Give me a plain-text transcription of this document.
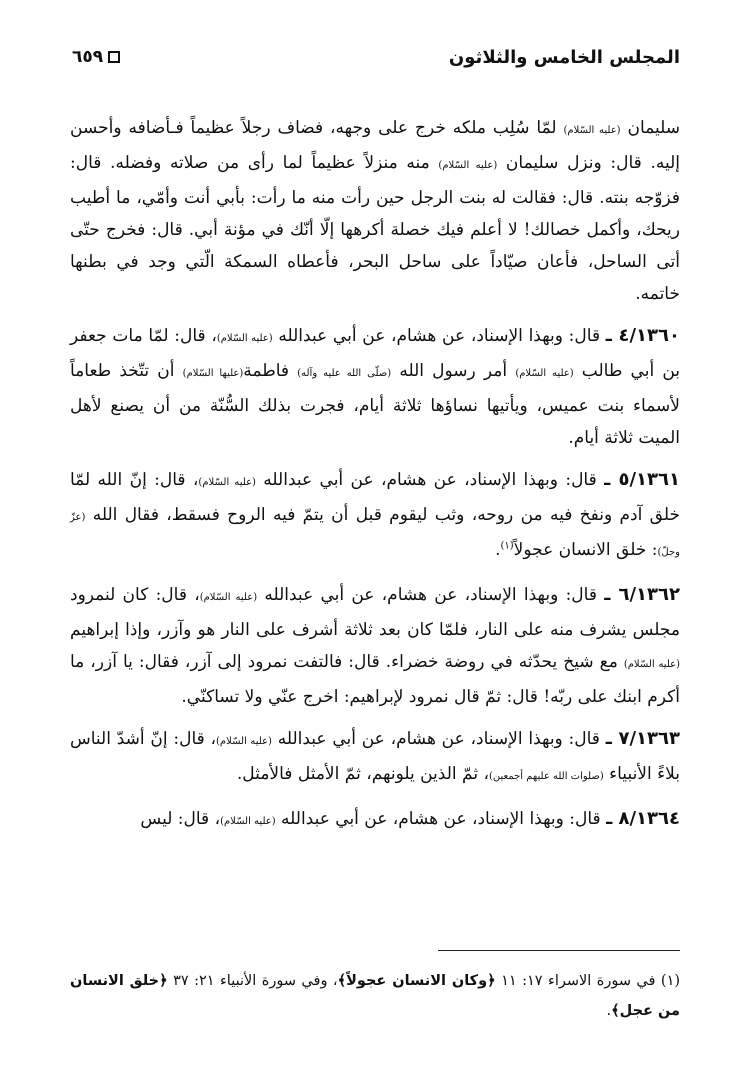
المجلس الخامس والثلاثون
٦٥٩

سليمان (عليه السّلام) لمّا سُلِب ملكه خرج على وجهه، فضاف رجلاً عظيماً فـأضافه وأحسن إليه. قال: ونزل سليمان (عليه السّلام) منه منزلاً عظيماً لما رأى من صلاته وفضله. قال: فزوّجه بنته. قال: فقالت له بنت الرجل حين رأت منه ما رأت: بأبي أنت وأمّي، ما أطيب ريحك، وأكمل خصالك! لا أعلم فيك خصلة أكرهها إلّا أنّك في مؤنة أبي. قال: فخرج حتّى أتى الساحل، فأعان صيّاداً على ساحل البحر، فأعطاه السمكة الّتي وجد في بطنها خاتمه.

٤/١٣٦٠ ـ قال: وبهذا الإسناد، عن هشام، عن أبي عبدالله (عليه السّلام)، قال: لمّا مات جعفر بن أبي طالب (عليه السّلام) أمر رسول الله (صلّى الله عليه وآله) فاطمة(عليها السّلام) أن تتّخذ طعاماً لأسماء بنت عميس، ويأتيها نساؤها ثلاثة أيام، فجرت بذلك السُّنّة من أن يصنع لأهل الميت ثلاثة أيام.

٥/١٣٦١ ـ قال: وبهذا الإسناد، عن هشام، عن أبي عبدالله (عليه السّلام)، قال: إنّ الله لمّا خلق آدم ونفخ فيه من روحه، وثب ليقوم قبل أن يتمّ فيه الروح فسقط، فقال الله (عزّ وجلّ): خلق الانسان عجولاً$^{(١)}$.

٦/١٣٦٢ ـ قال: وبهذا الإسناد، عن هشام، عن أبي عبدالله (عليه السّلام)، قال: كان لنمرود مجلس يشرف منه على النار، فلمّا كان بعد ثلاثة أشرف على النار هو وآزر، وإذا إبراهيم (عليه السّلام) مع شيخ يحدّثه في روضة خضراء. قال: فالتفت نمرود إلى آزر، فقال: يا آزر، ما أكرم ابنك على ربّه! قال: ثمّ قال نمرود لإبراهيم: اخرج عنّي ولا تساكنّي.

٧/١٣٦٣ ـ قال: وبهذا الإسناد، عن هشام، عن أبي عبدالله (عليه السّلام)، قال: إنّ أشدّ الناس بلاءً الأنبياء (صلوات الله عليهم أجمعين)، ثمّ الذين يلونهم، ثمّ الأمثل فالأمثل.

٨/١٣٦٤ ـ قال: وبهذا الإسناد، عن هشام، عن أبي عبدالله (عليه السّلام)، قال: ليس

(١) في سورة الاسراء ١٧: ١١ ﴿وكان الانسان عجولاً﴾، وفي سورة الأنبياء ٢١: ٣٧ ﴿خلق الانسان من عجل﴾.
